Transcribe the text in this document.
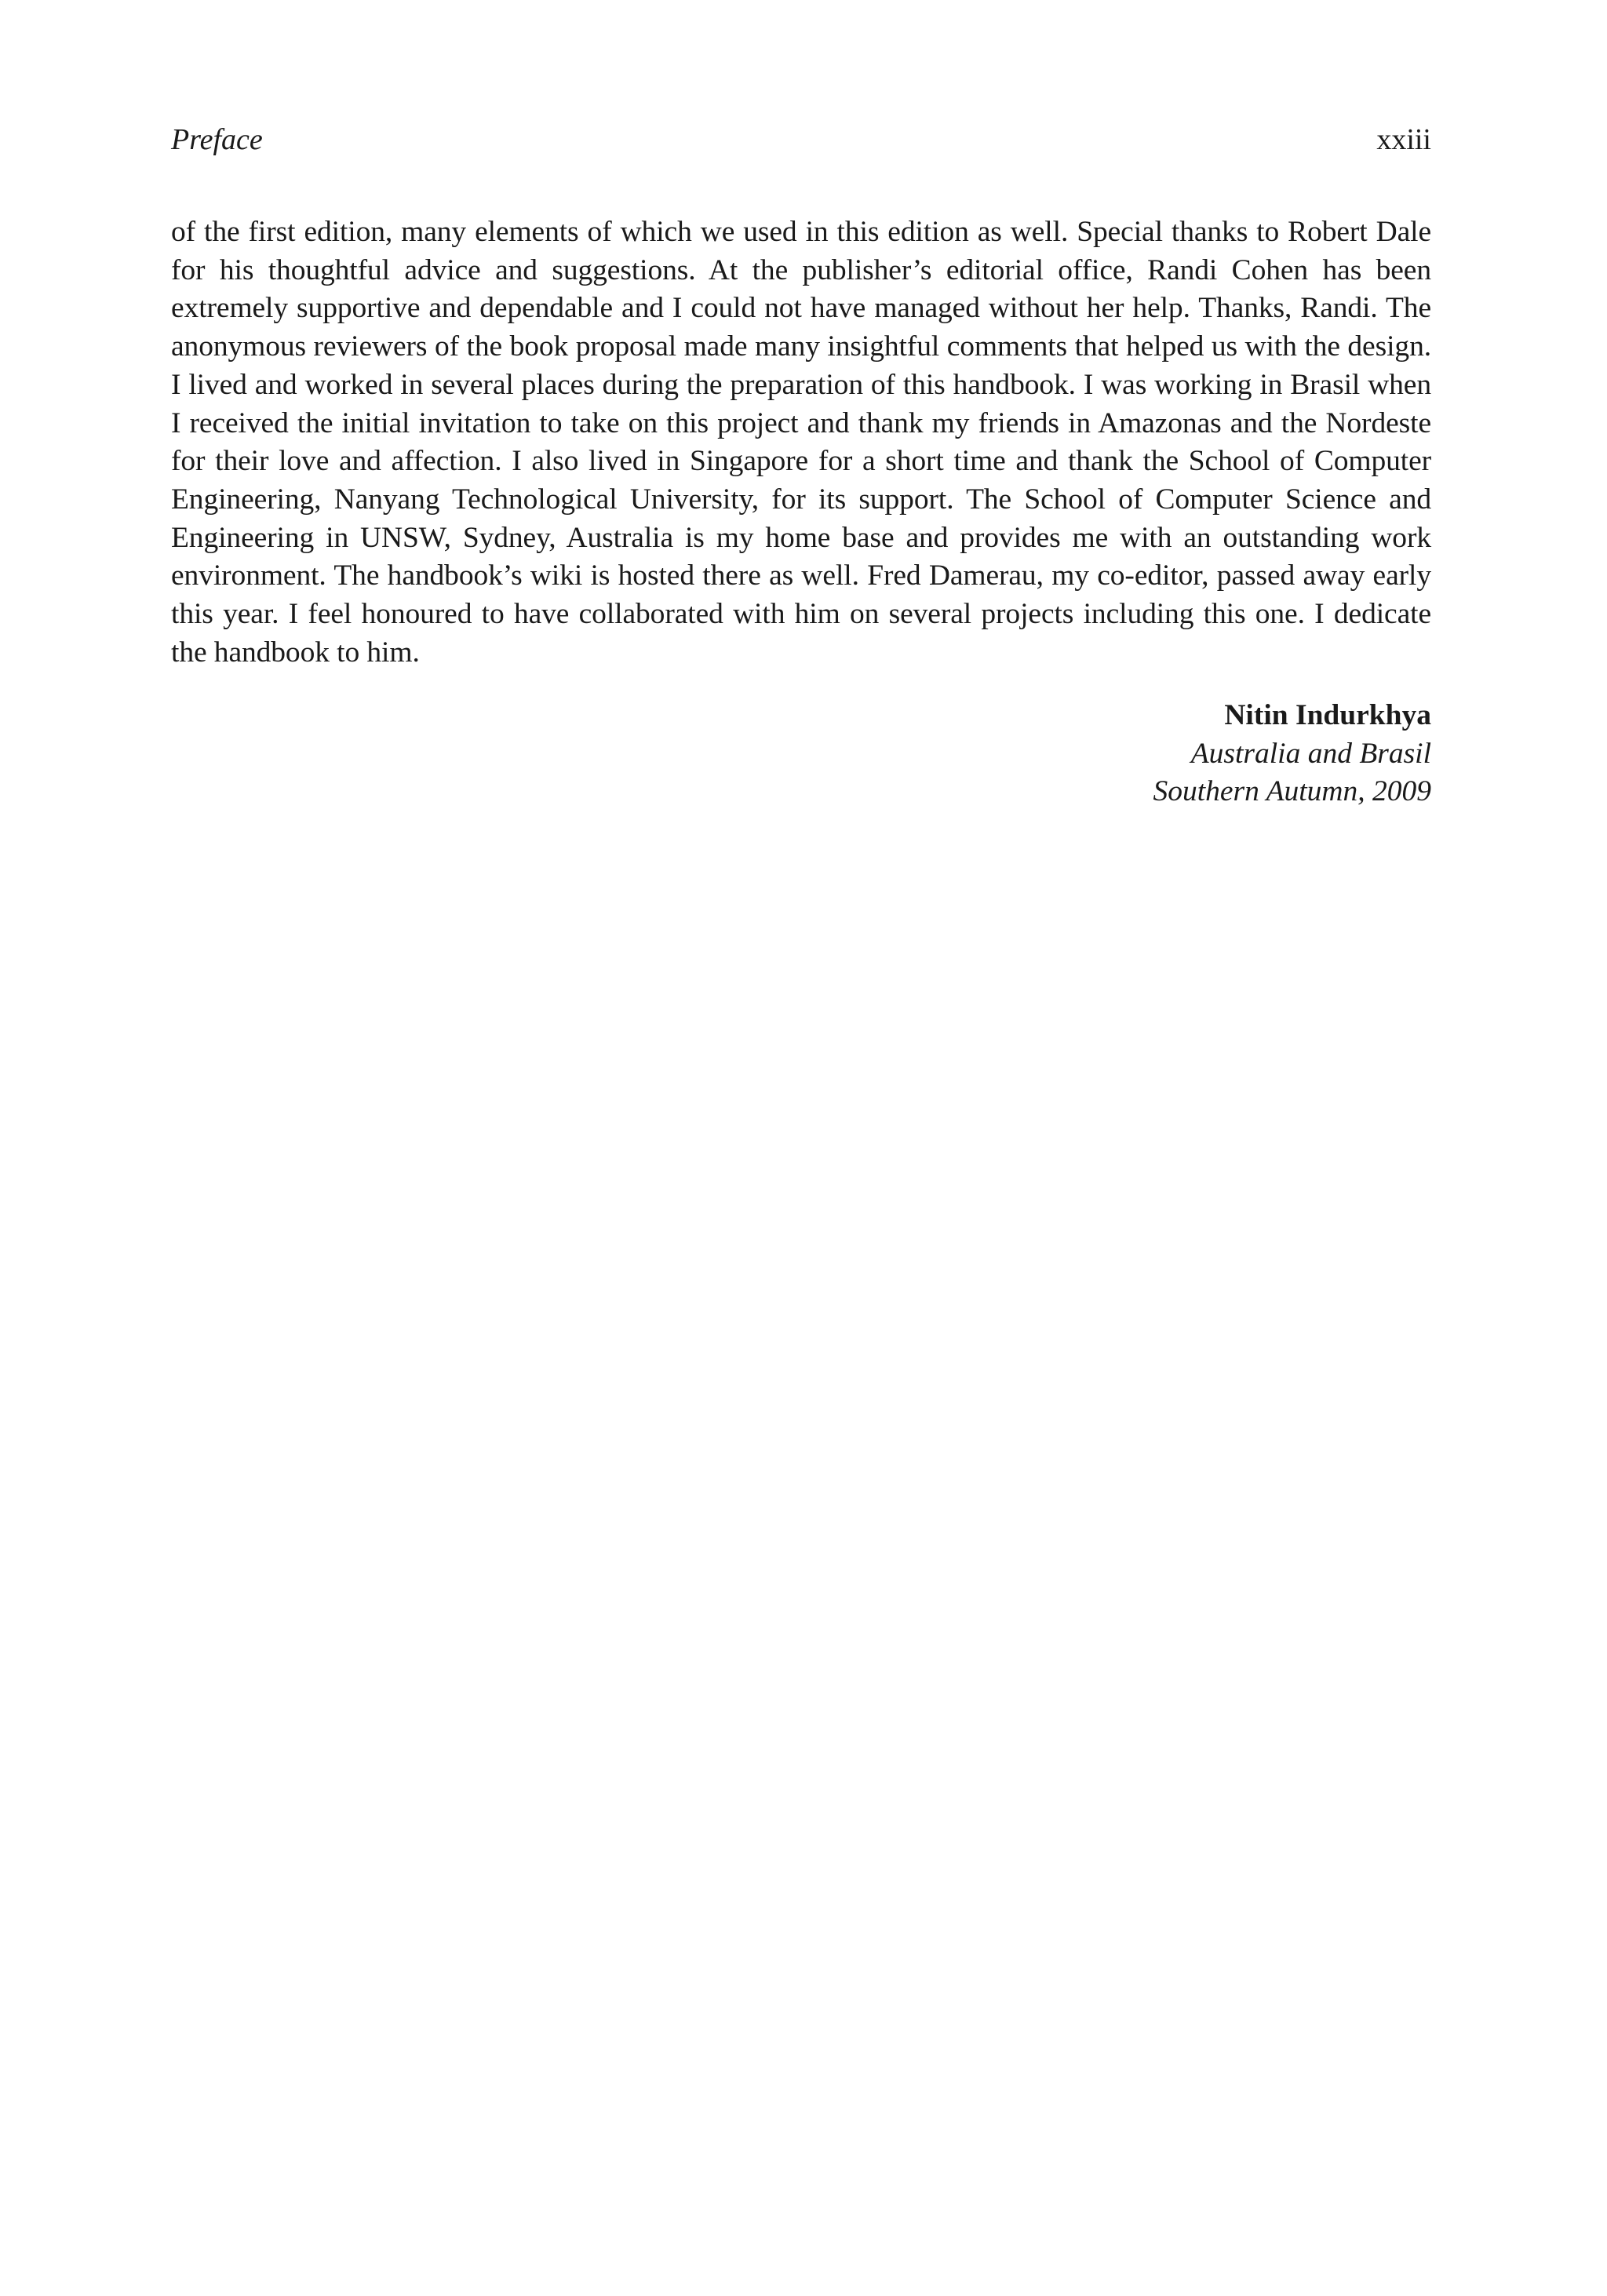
Preface	xxiii

of the first edition, many elements of which we used in this edition as well. Special thanks to Robert Dale for his thoughtful advice and suggestions. At the publisher’s editorial office, Randi Cohen has been extremely supportive and dependable and I could not have managed without her help. Thanks, Randi. The anonymous reviewers of the book proposal made many insightful comments that helped us with the design. I lived and worked in several places during the preparation of this handbook. I was working in Brasil when I received the initial invitation to take on this project and thank my friends in Amazonas and the Nordeste for their love and affection. I also lived in Singapore for a short time and thank the School of Computer Engineering, Nanyang Technological University, for its support. The School of Computer Science and Engineering in UNSW, Sydney, Australia is my home base and provides me with an outstanding work environment. The handbook’s wiki is hosted there as well. Fred Damerau, my co-editor, passed away early this year. I feel honoured to have collaborated with him on several projects including this one. I dedicate the handbook to him.

Nitin Indurkhya
Australia and Brasil
Southern Autumn, 2009
